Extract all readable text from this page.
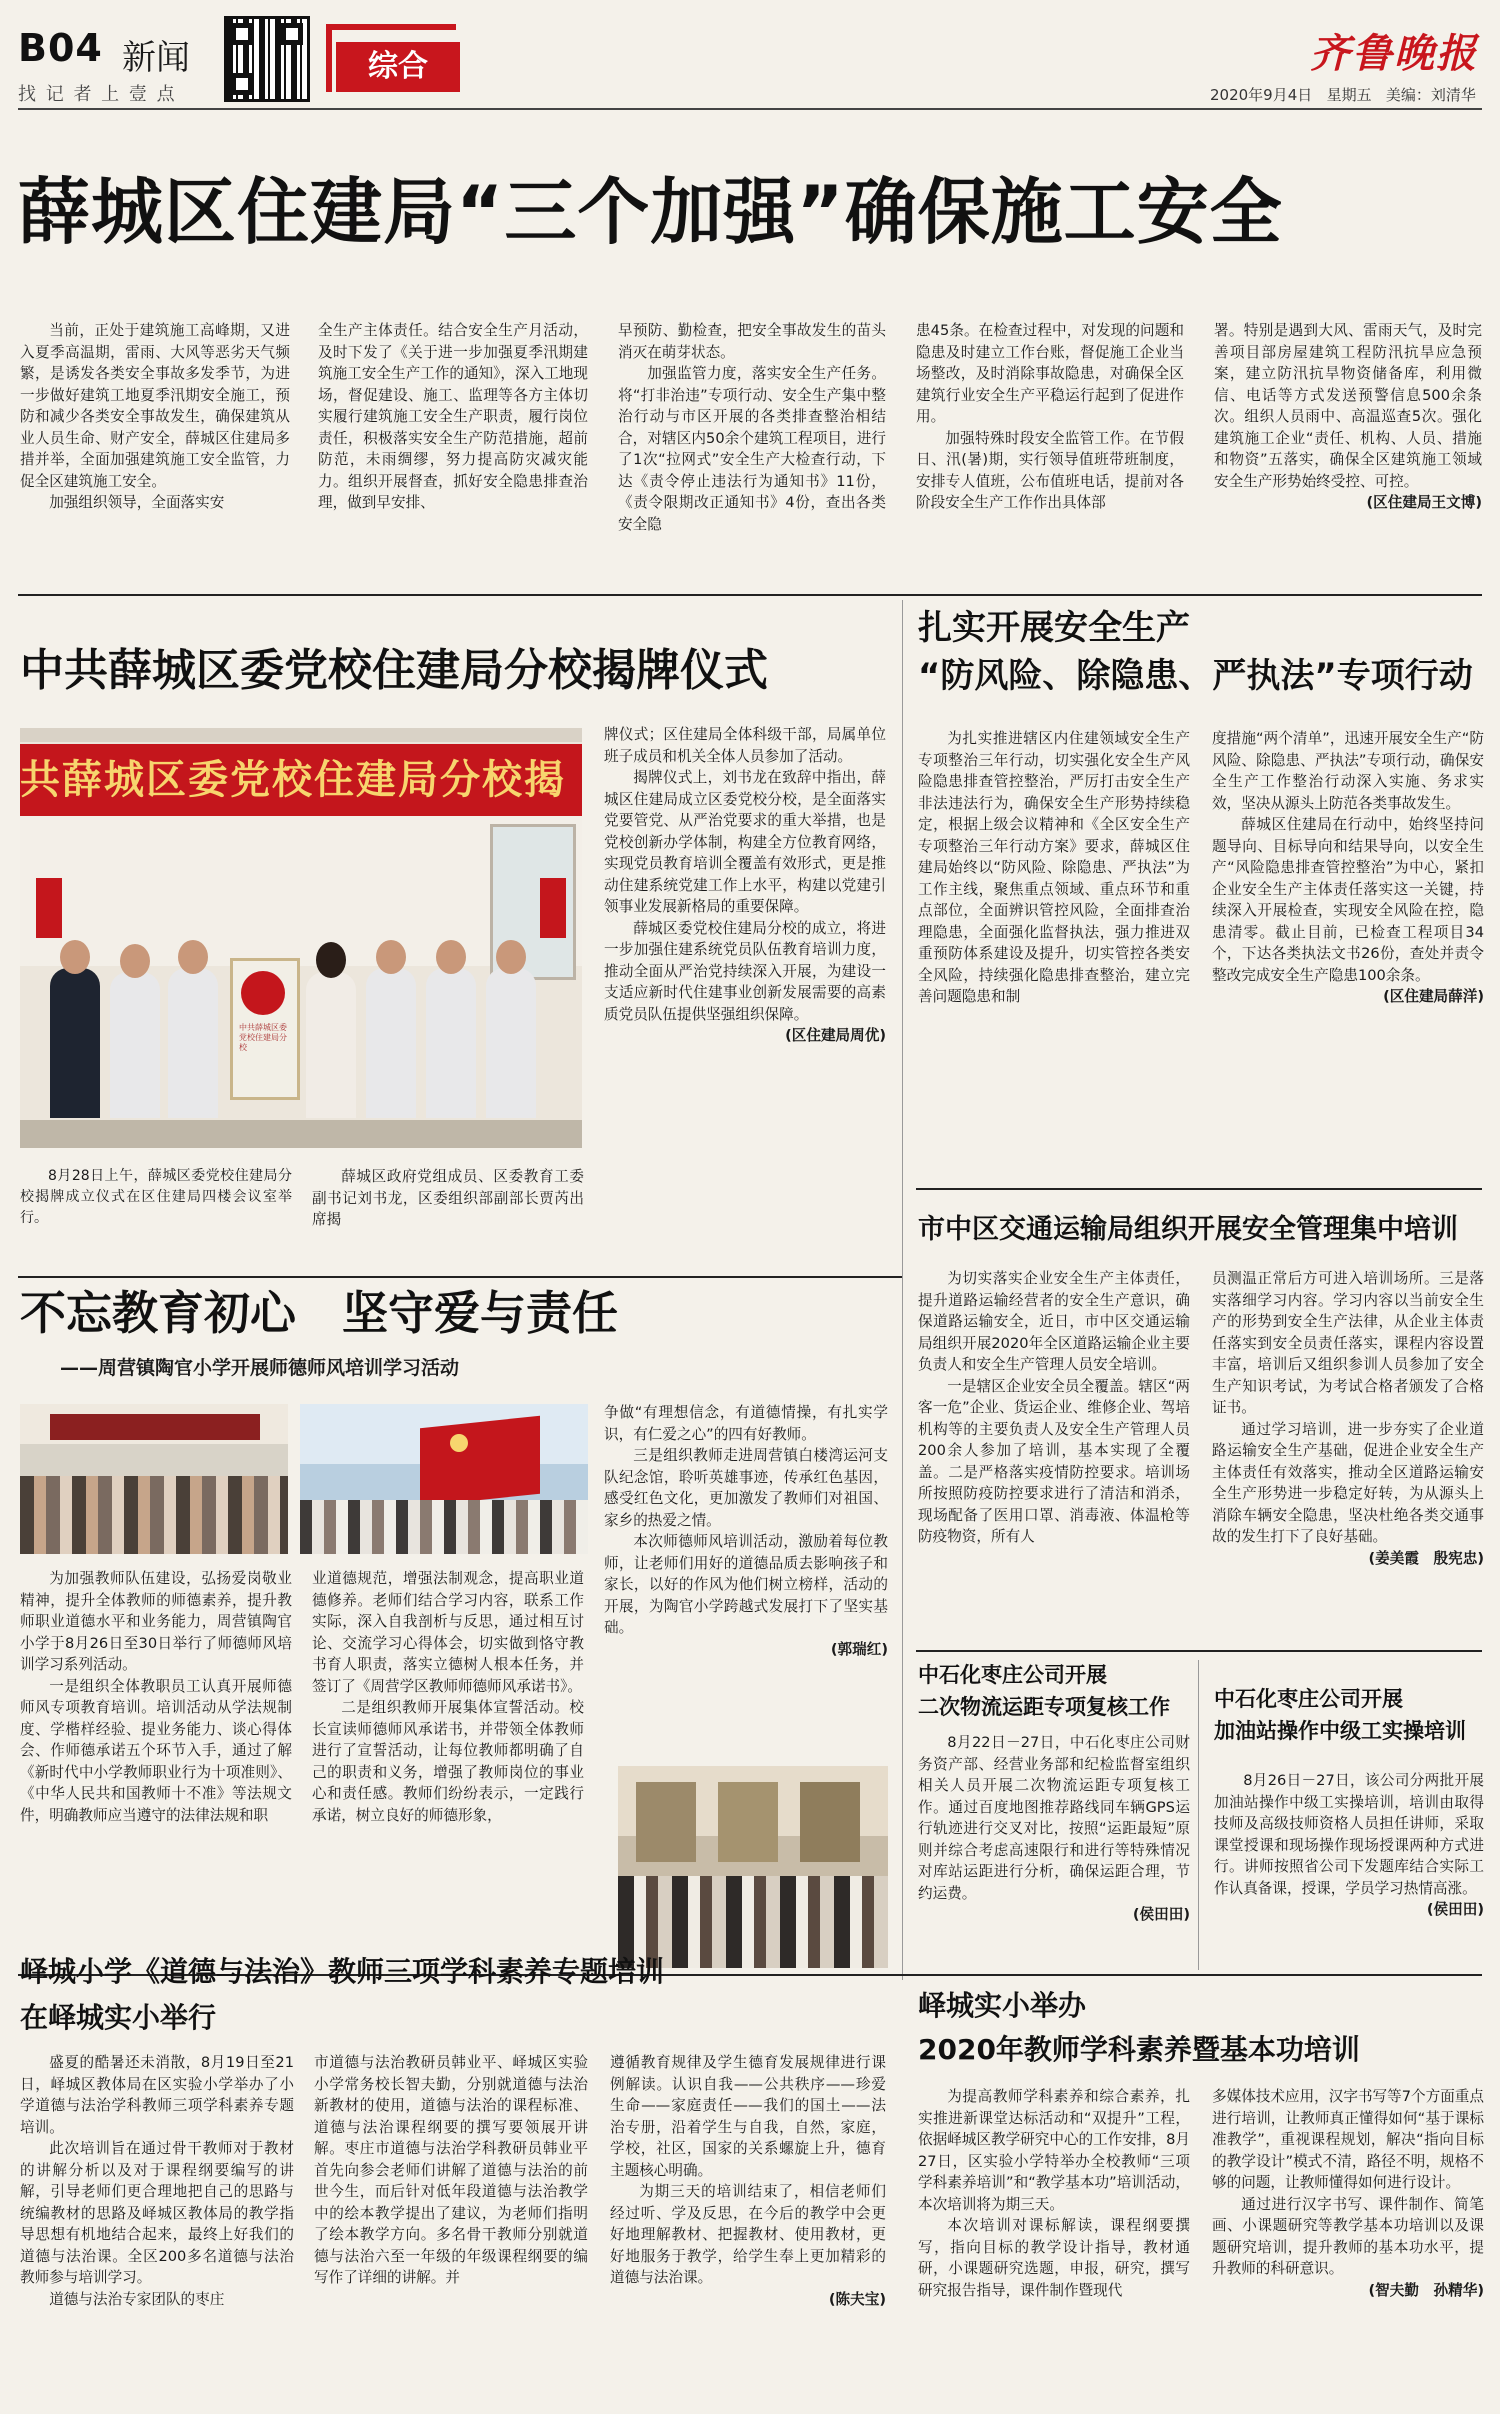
B04 新闻
找 记 者 上 壹 点
综合	齐鲁晚报
2020年9月4日 星期五 美编：刘清华
薛城区住建局“三个加强”确保施工安全

当前，正处于建筑施工高峰期，又进入夏季高温期，雷雨、大风等恶劣天气频繁，是诱发各类安全事故多发季节，为进一步做好建筑工地夏季汛期安全施工，预防和减少各类安全事故发生，确保建筑从业人员生命、财产安全，薛城区住建局多措并举，全面加强建筑施工安全监管，力促全区建筑施工安全。

加强组织领导，全面落实安

全生产主体责任。结合安全生产月活动，及时下发了《关于进一步加强夏季汛期建筑施工安全生产工作的通知》，深入工地现场，督促建设、施工、监理等各方主体切实履行建筑施工安全生产职责，履行岗位责任，积极落实安全生产防范措施，超前防范，未雨绸缪，努力提高防灾减灾能力。组织开展督查，抓好安全隐患排查治理，做到早安排、

早预防、勤检查，把安全事故发生的苗头消灭在萌芽状态。

加强监管力度，落实安全生产任务。将“打非治违”专项行动、安全生产集中整治行动与市区开展的各类排查整治相结合，对辖区内50余个建筑工程项目，进行了1次“拉网式”安全生产大检查行动，下达《责令停止违法行为通知书》11份，《责令限期改正通知书》4份，查出各类安全隐

患45条。在检查过程中，对发现的问题和隐患及时建立工作台账，督促施工企业当场整改，及时消除事故隐患，对确保全区建筑行业安全生产平稳运行起到了促进作用。

加强特殊时段安全监管工作。在节假日、汛(暑)期，实行领导值班带班制度，安排专人值班，公布值班电话，提前对各阶段安全生产工作作出具体部

署。特别是遇到大风、雷雨天气，及时完善项目部房屋建筑工程防汛抗旱应急预案，建立防汛抗旱物资储备库，利用微信、电话等方式发送预警信息500余条次。组织人员雨中、高温巡查5次。强化建筑施工企业“责任、机构、人员、措施和物资”五落实，确保全区建筑施工领域安全生产形势始终受控、可控。

(区住建局王文博)

中共薛城区委党校住建局分校揭牌仪式
共薛城区委党校住建局分校揭
中共薛城区委党校住建局分校

8月28日上午，薛城区委党校住建局分校揭牌成立仪式在区住建局四楼会议室举行。

薛城区政府党组成员、区委教育工委副书记刘书龙，区委组织部副部长贾芮出席揭

牌仪式；区住建局全体科级干部，局属单位班子成员和机关全体人员参加了活动。

揭牌仪式上，刘书龙在致辞中指出，薛城区住建局成立区委党校分校，是全面落实党要管党、从严治党要求的重大举措，也是党校创新办学体制，构建全方位教育网络，实现党员教育培训全覆盖有效形式，更是推动住建系统党建工作上水平，构建以党建引领事业发展新格局的重要保障。

薛城区委党校住建局分校的成立，将进一步加强住建系统党员队伍教育培训力度，推动全面从严治党持续深入开展，为建设一支适应新时代住建事业创新发展需要的高素质党员队伍提供坚强组织保障。

(区住建局周优)

扎实开展安全生产
“防风险、除隐患、严执法”专项行动

为扎实推进辖区内住建领域安全生产专项整治三年行动，切实强化安全生产风险隐患排查管控整治，严厉打击安全生产非法违法行为，确保安全生产形势持续稳定，根据上级会议精神和《全区安全生产专项整治三年行动方案》要求，薛城区住建局始终以“防风险、除隐患、严执法”为工作主线，聚焦重点领域、重点环节和重点部位，全面辨识管控风险，全面排查治理隐患，全面强化监督执法，强力推进双重预防体系建设及提升，切实管控各类安全风险，持续强化隐患排查整治，建立完善问题隐患和制

度措施“两个清单”，迅速开展安全生产“防风险、除隐患、严执法”专项行动，确保安全生产工作整治行动深入实施、务求实效，坚决从源头上防范各类事故发生。

薛城区住建局在行动中，始终坚持问题导向、目标导向和结果导向，以安全生产“风险隐患排查管控整治”为中心，紧扣企业安全生产主体责任落实这一关键，持续深入开展检查，实现安全风险在控，隐患清零。截止目前，已检查工程项目34个，下达各类执法文书26份，查处并责令整改完成安全生产隐患100余条。

(区住建局薛洋)

市中区交通运输局组织开展安全管理集中培训

为切实落实企业安全生产主体责任，提升道路运输经营者的安全生产意识，确保道路运输安全，近日，市中区交通运输局组织开展2020年全区道路运输企业主要负责人和安全生产管理人员安全培训。

一是辖区企业安全员全覆盖。辖区“两客一危”企业、货运企业、维修企业、驾培机构等的主要负责人及安全生产管理人员200余人参加了培训，基本实现了全覆盖。二是严格落实疫情防控要求。培训场所按照防疫防控要求进行了清洁和消杀，现场配备了医用口罩、消毒液、体温枪等防疫物资，所有人

员测温正常后方可进入培训场所。三是落实落细学习内容。学习内容以当前安全生产的形势到安全生产法律，从企业主体责任落实到安全员责任落实，课程内容设置丰富，培训后又组织参训人员参加了安全生产知识考试，为考试合格者颁发了合格证书。

通过学习培训，进一步夯实了企业道路运输安全生产基础，促进企业安全生产主体责任有效落实，推动全区道路运输安全生产形势进一步稳定好转，为从源头上消除车辆安全隐患，坚决杜绝各类交通事故的发生打下了良好基础。

(姜美霞　殷宪忠)

中石化枣庄公司开展
二次物流运距专项复核工作

8月22日－27日，中石化枣庄公司财务资产部、经营业务部和纪检监督室组织相关人员开展二次物流运距专项复核工作。通过百度地图推荐路线同车辆GPS运行轨迹进行交叉对比，按照“运距最短”原则并综合考虑高速限行和进行等特殊情况对库站运距进行分析，确保运距合理，节约运费。

(侯田田)

中石化枣庄公司开展
加油站操作中级工实操培训

8月26日－27日，该公司分两批开展加油站操作中级工实操培训，培训由取得技师及高级技师资格人员担任讲师，采取课堂授课和现场操作现场授课两种方式进行。讲师按照省公司下发题库结合实际工作认真备课，授课，学员学习热情高涨。

(侯田田)

不忘教育初心　坚守爱与责任
——周营镇陶官小学开展师德师风培训学习活动

为加强教师队伍建设，弘扬爱岗敬业精神，提升全体教师的师德素养，提升教师职业道德水平和业务能力，周营镇陶官小学于8月26日至30日举行了师德师风培训学习系列活动。

一是组织全体教职员工认真开展师德师风专项教育培训。培训活动从学法规制度、学楷样经验、提业务能力、谈心得体会、作师德承诺五个环节入手，通过了解《新时代中小学教师职业行为十项准则》、《中华人民共和国教师十不准》等法规文件，明确教师应当遵守的法律法规和职

业道德规范，增强法制观念，提高职业道德修养。老师们结合学习内容，联系工作实际，深入自我剖析与反思，通过相互讨论、交流学习心得体会，切实做到恪守教书育人职责，落实立德树人根本任务，并签订了《周营学区教师师德师风承诺书》。

二是组织教师开展集体宣誓活动。校长宣读师德师风承诺书，并带领全体教师进行了宣誓活动，让每位教师都明确了自己的职责和义务，增强了教师岗位的事业心和责任感。教师们纷纷表示，一定践行承诺，树立良好的师德形象，

争做“有理想信念，有道德情操，有扎实学识，有仁爱之心”的四有好教师。

三是组织教师走进周营镇白楼湾运河支队纪念馆，聆听英雄事迹，传承红色基因，感受红色文化，更加激发了教师们对祖国、家乡的热爱之情。

本次师德师风培训活动，激励着每位教师，让老师们用好的道德品质去影响孩子和家长，以好的作风为他们树立榜样，活动的开展，为陶官小学跨越式发展打下了坚实基础。

(郭瑞红)

峄城小学《道德与法治》教师三项学科素养专题培训
在峄城实小举行

盛夏的酷暑还未消散，8月19日至21日，峄城区教体局在区实验小学举办了小学道德与法治学科教师三项学科素养专题培训。

此次培训旨在通过骨干教师对于教材的讲解分析以及对于课程纲要编写的讲解，引导老师们更合理地把自己的思路与统编教材的思路及峄城区教体局的教学指导思想有机地结合起来，最终上好我们的道德与法治课。全区200多名道德与法治教师参与培训学习。

道德与法治专家团队的枣庄

市道德与法治教研员韩业平、峄城区实验小学常务校长智夫勤，分别就道德与法治新教材的使用，道德与法治的课程标准、道德与法治课程纲要的撰写要领展开讲解。枣庄市道德与法治学科教研员韩业平首先向参会老师们讲解了道德与法治的前世今生，而后针对低年段道德与法治教学中的绘本教学提出了建议，为老师们指明了绘本教学方向。多名骨干教师分别就道德与法治六至一年级的年级课程纲要的编写作了详细的讲解。并

遵循教育规律及学生德育发展规律进行课例解读。认识自我——公共秩序——珍爱生命——家庭责任——我们的国土——法治专册，沿着学生与自我，自然，家庭，学校，社区，国家的关系螺旋上升，德育主题核心明确。

为期三天的培训结束了，相信老师们经过听、学及反思，在今后的教学中会更好地理解教材、把握教材、使用教材，更好地服务于教学，给学生奉上更加精彩的道德与法治课。

(陈夫宝)

峄城实小举办
2020年教师学科素养暨基本功培训

为提高教师学科素养和综合素养，扎实推进新课堂达标活动和“双提升”工程，依据峄城区教学研究中心的工作安排，8月27日，区实验小学特举办全校教师“三项学科素养培训”和“教学基本功”培训活动，本次培训将为期三天。

本次培训对课标解读，课程纲要撰写，指向目标的教学设计指导，教材通研，小课题研究选题，申报，研究，撰写研究报告指导，课件制作暨现代

多媒体技术应用，汉字书写等7个方面重点进行培训，让教师真正懂得如何“基于课标准教学”，重视课程规划，解决“指向目标的教学设计”模式不清，路径不明，规格不够的问题，让教师懂得如何进行设计。

通过进行汉字书写、课件制作、简笔画、小课题研究等教学基本功培训以及课题研究培训，提升教师的基本功水平，提升教师的科研意识。

(智夫勤　孙精华)
